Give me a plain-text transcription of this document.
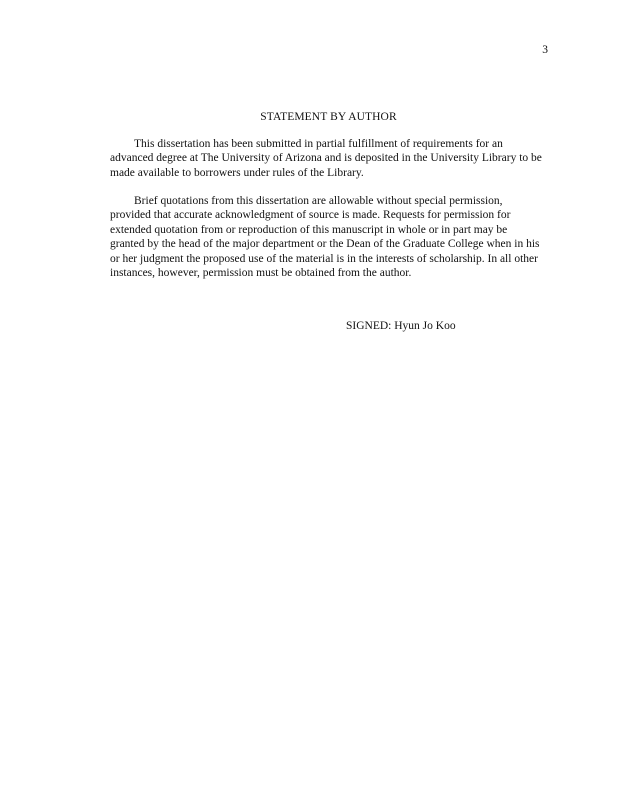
3
STATEMENT BY AUTHOR

This dissertation has been submitted in partial fulfillment of requirements for an advanced degree at The University of Arizona and is deposited in the University Library to be made available to borrowers under rules of the Library.

Brief quotations from this dissertation are allowable without special permission, provided that accurate acknowledgment of source is made. Requests for permission for extended quotation from or reproduction of this manuscript in whole or in part may be granted by the head of the major department or the Dean of the Graduate College when in his or her judgment the proposed use of the material is in the interests of scholarship. In all other instances, however, permission must be obtained from the author.

SIGNED: Hyun Jo Koo
